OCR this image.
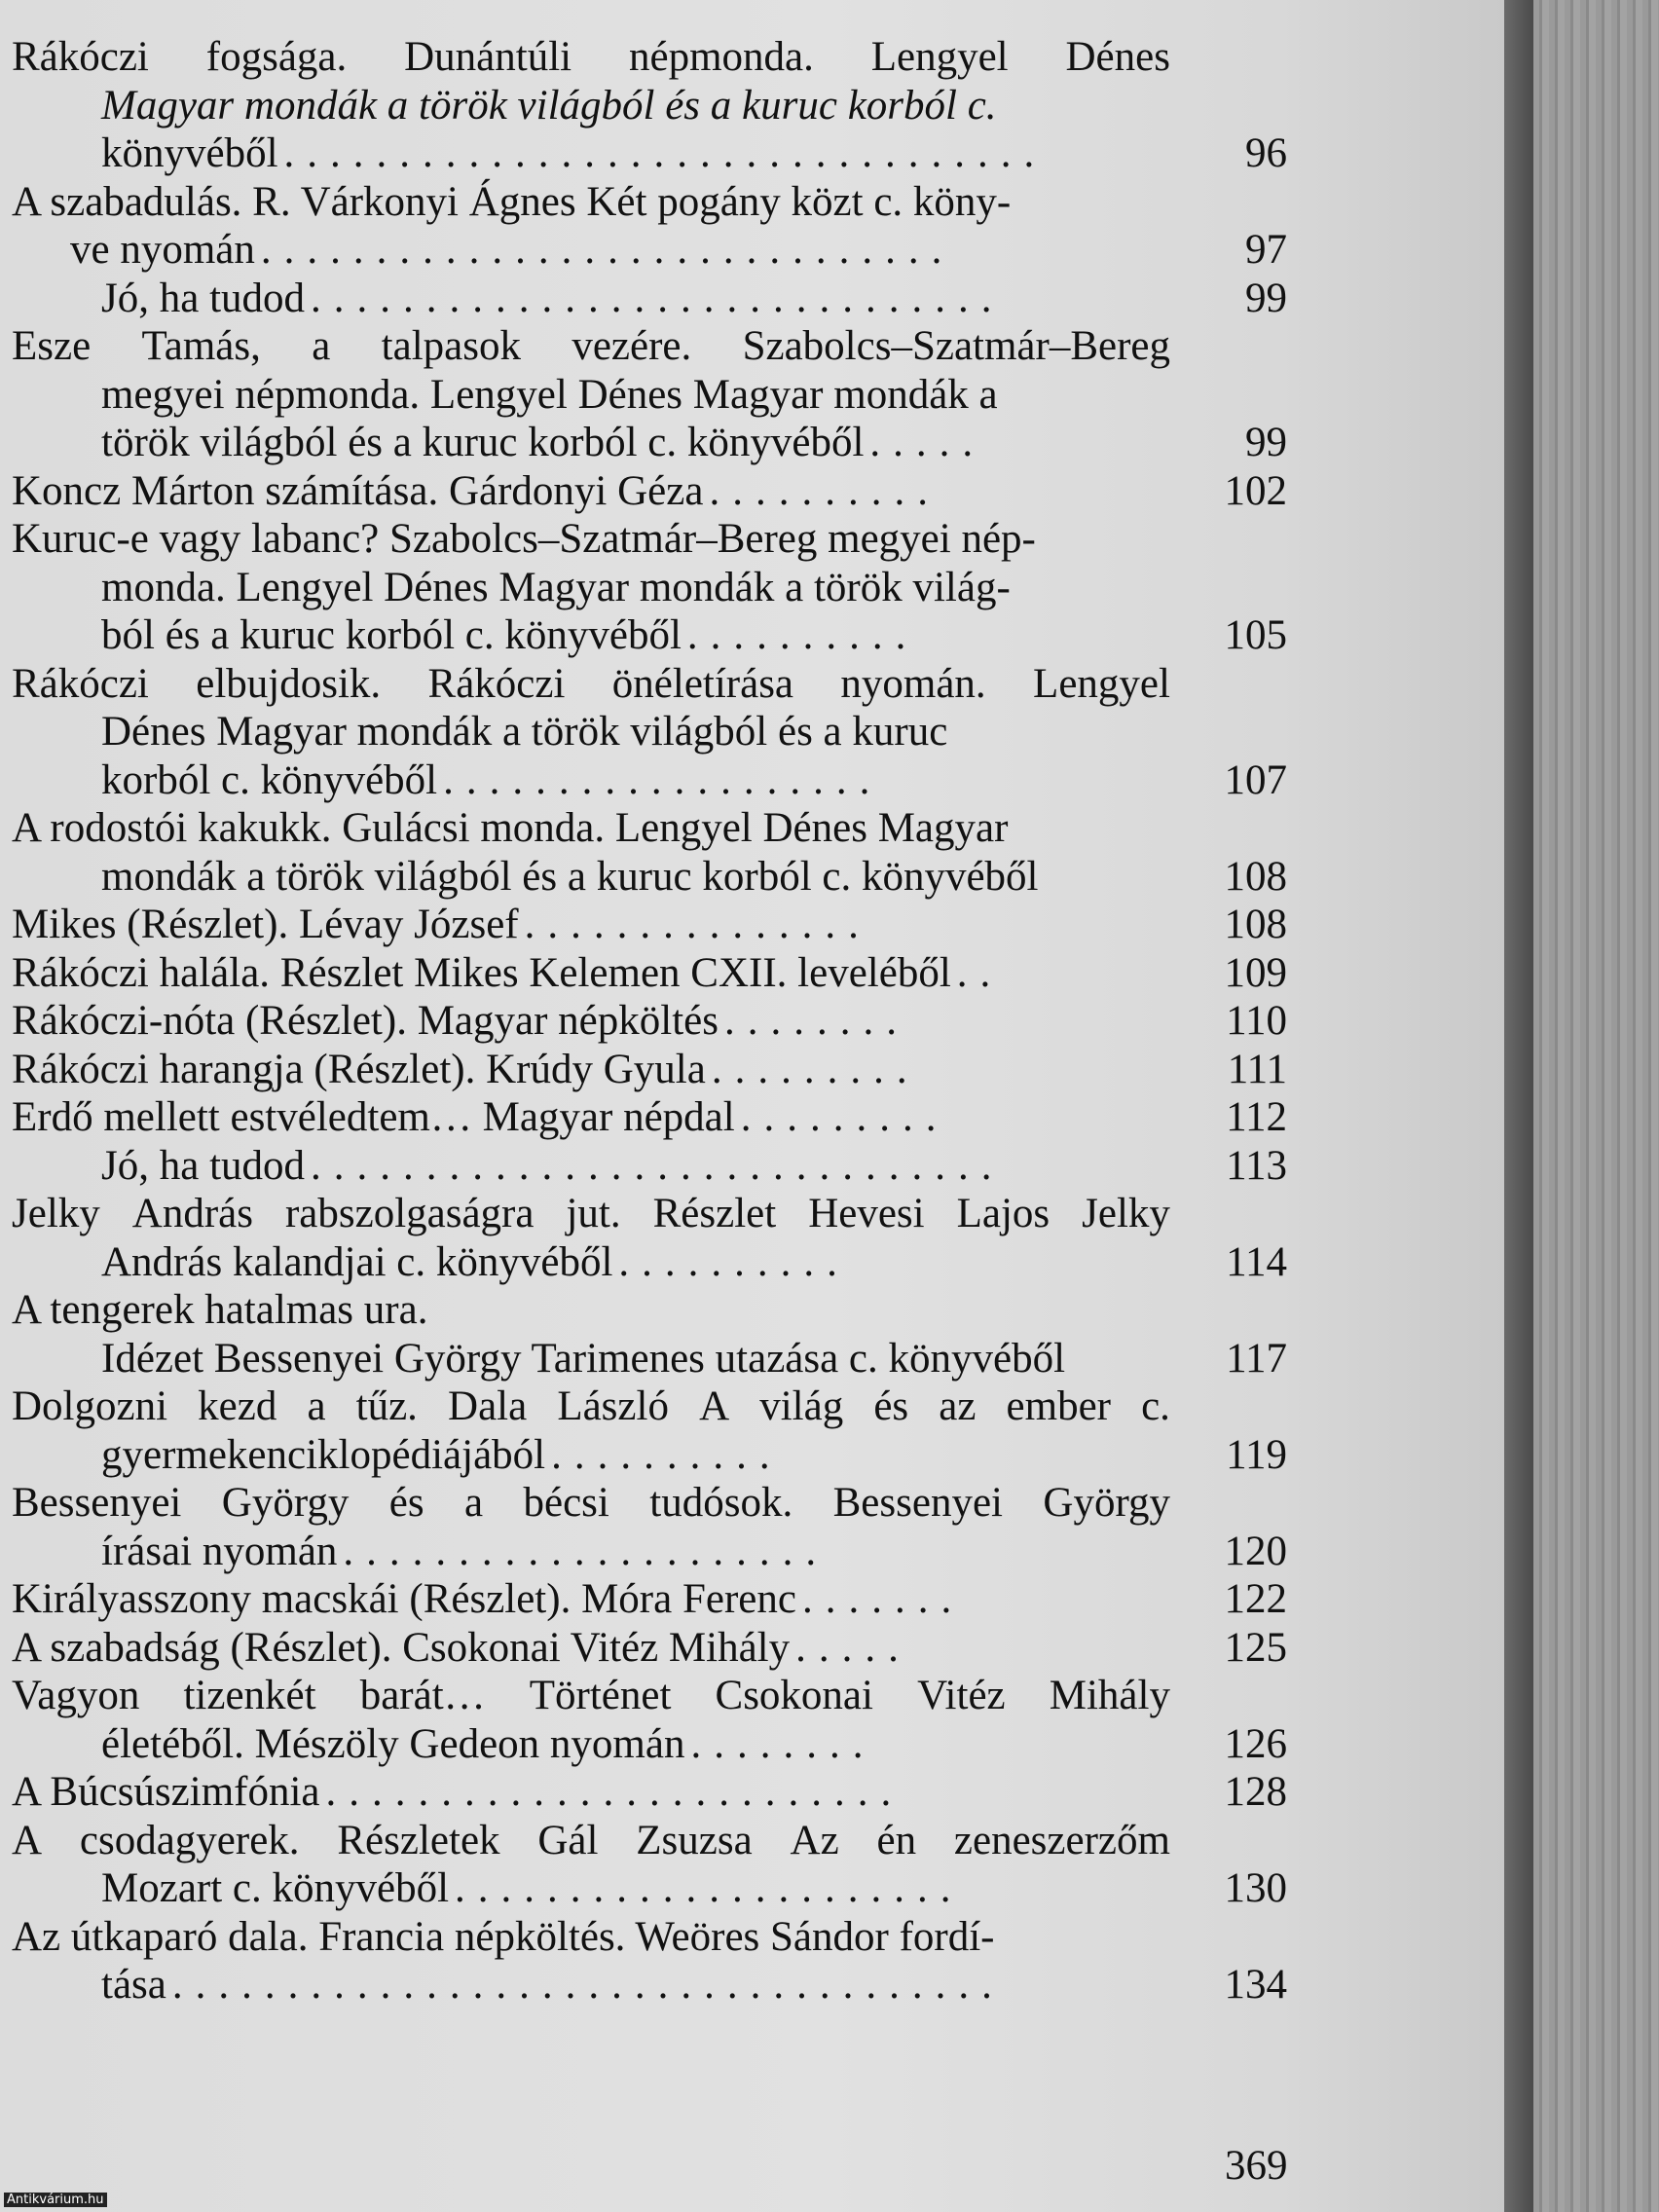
Rákóczi fogsága. Dunántúli népmonda. Lengyel Dénes
Magyar mondák a török világból és a kuruc korból c.
könyvéből .................................	96
A szabadulás. R. Várkonyi Ágnes Két pogány közt c. köny-
ve nyomán ..............................	97
Jó, ha tudod ..............................	99
Esze Tamás, a talpasok vezére. Szabolcs–Szatmár–Bereg
megyei népmonda. Lengyel Dénes Magyar mondák a
török világból és a kuruc korból c. könyvéből .....	99
Koncz Márton számítása. Gárdonyi Géza ..........	102
Kuruc-e vagy labanc? Szabolcs–Szatmár–Bereg megyei nép-
monda. Lengyel Dénes Magyar mondák a török világ-
ból és a kuruc korból c. könyvéből ..........	105
Rákóczi elbujdosik. Rákóczi önéletírása nyomán. Lengyel
Dénes Magyar mondák a török világból és a kuruc
korból c. könyvéből ...................	107
A rodostói kakukk. Gulácsi monda. Lengyel Dénes Magyar
mondák a török világból és a kuruc korból c. könyvéből	108
Mikes (Részlet). Lévay József ...............	108
Rákóczi halála. Részlet Mikes Kelemen CXII. leveléből ..	109
Rákóczi-nóta (Részlet). Magyar népköltés ........	110
Rákóczi harangja (Részlet). Krúdy Gyula .........	111
Erdő mellett estvéledtem… Magyar népdal .........	112
Jó, ha tudod ..............................	113
Jelky András rabszolgaságra jut. Részlet Hevesi Lajos Jelky
András kalandjai c. könyvéből ..........	114
A tengerek hatalmas ura.
Idézet Bessenyei György Tarimenes utazása c. könyvéből	117
Dolgozni kezd a tűz. Dala László A világ és az ember c.
gyermekenciklopédiájából ..........	119
Bessenyei György és a bécsi tudósok. Bessenyei György
írásai nyomán .....................	120
Királyasszony macskái (Részlet). Móra Ferenc .......	122
A szabadság (Részlet). Csokonai Vitéz Mihály .....	125
Vagyon tizenkét barát… Történet Csokonai Vitéz Mihály
életéből. Mészöly Gedeon nyomán ........	126
A Búcsúszimfónia .........................	128
A csodagyerek. Részletek Gál Zsuzsa Az én zeneszerzőm
Mozart c. könyvéből ......................	130
Az útkaparó dala. Francia népköltés. Weöres Sándor fordí-
tása ....................................	134
369
Antikvárium.hu
